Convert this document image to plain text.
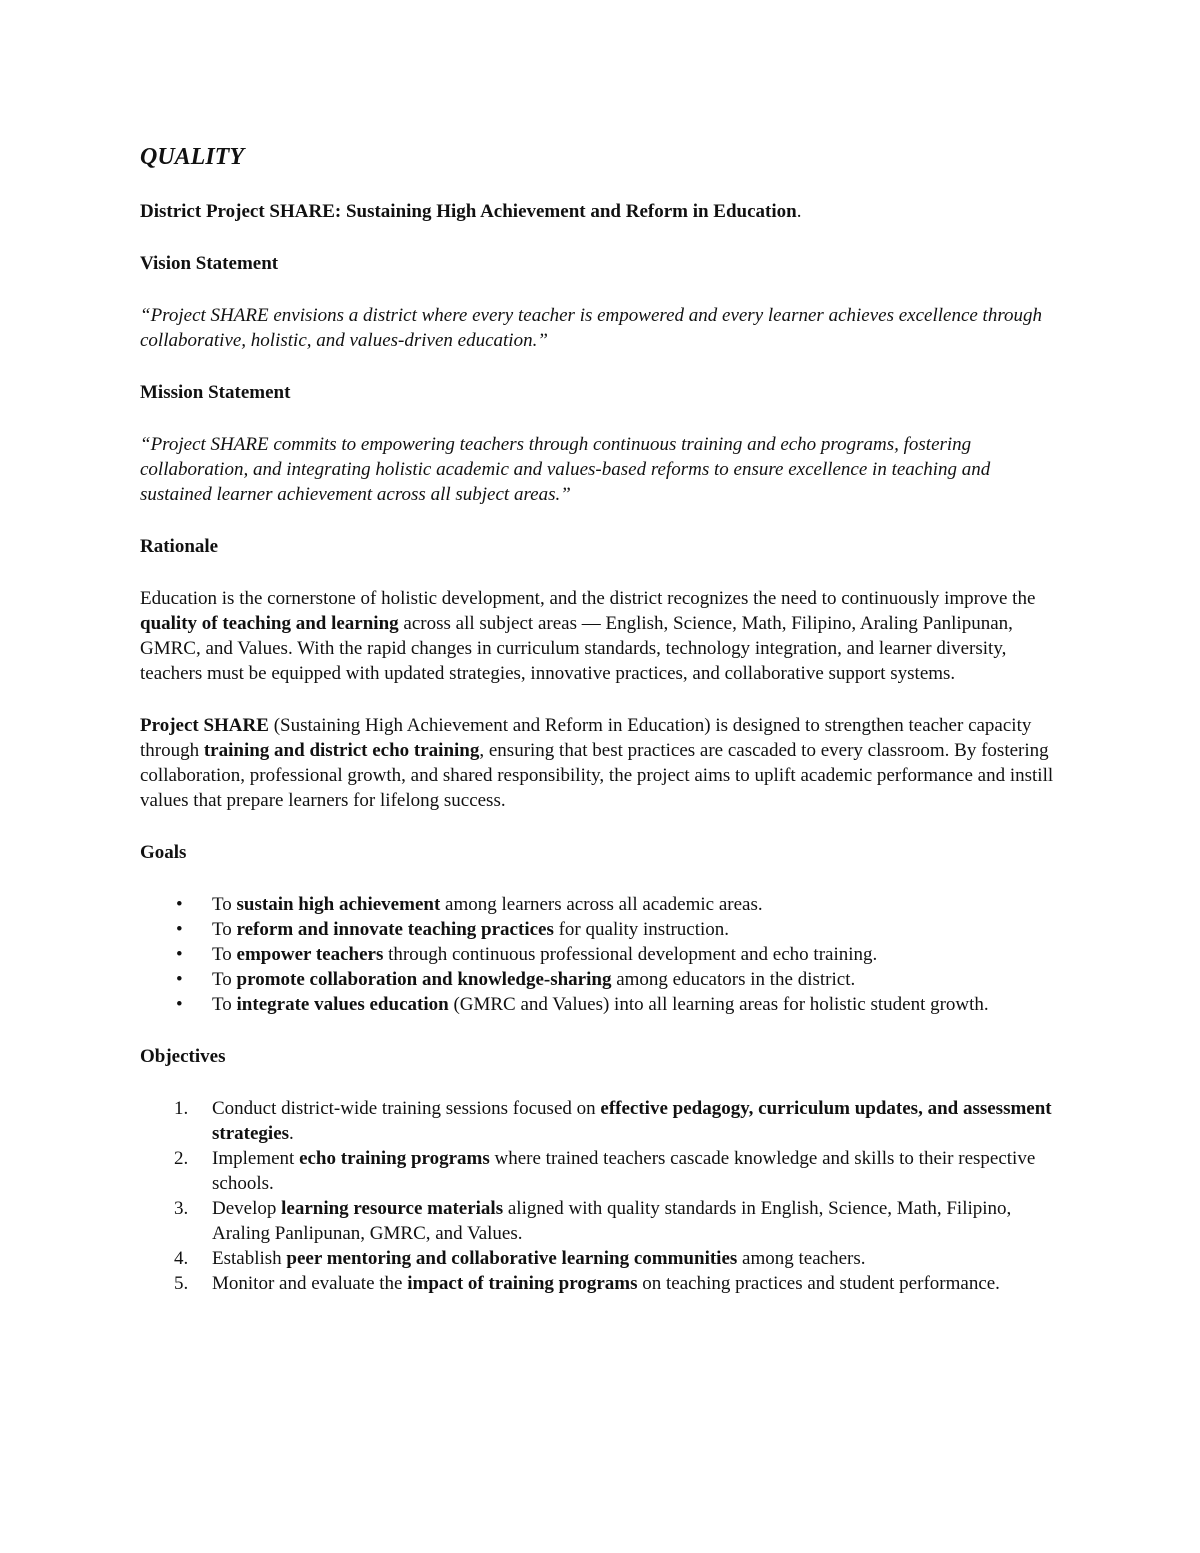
QUALITY

District Project SHARE: Sustaining High Achievement and Reform in Education.

Vision Statement
“Project SHARE envisions a district where every teacher is empowered and every learner achieves excellence through collaborative, holistic, and values-driven education.”
Mission Statement
“Project SHARE commits to empowering teachers through continuous training and echo programs, fostering collaboration, and integrating holistic academic and values-based reforms to ensure excellence in teaching and sustained learner achievement across all subject areas.”
Rationale

Education is the cornerstone of holistic development, and the district recognizes the need to continuously improve the quality of teaching and learning across all subject areas — English, Science, Math, Filipino, Araling Panlipunan, GMRC, and Values. With the rapid changes in curriculum standards, technology integration, and learner diversity, teachers must be equipped with updated strategies, innovative practices, and collaborative support systems.

Project SHARE (Sustaining High Achievement and Reform in Education) is designed to strengthen teacher capacity through training and district echo training, ensuring that best practices are cascaded to every classroom. By fostering collaboration, professional growth, and shared responsibility, the project aims to uplift academic performance and instill values that prepare learners for lifelong success.

Goals
• To sustain high achievement among learners across all academic areas.
• To reform and innovate teaching practices for quality instruction.
• To empower teachers through continuous professional development and echo training.
• To promote collaboration and knowledge-sharing among educators in the district.
• To integrate values education (GMRC and Values) into all learning areas for holistic student growth.
Objectives
1. Conduct district-wide training sessions focused on effective pedagogy, curriculum updates, and assessment strategies.
2. Implement echo training programs where trained teachers cascade knowledge and skills to their respective schools.
3. Develop learning resource materials aligned with quality standards in English, Science, Math, Filipino, Araling Panlipunan, GMRC, and Values.
4. Establish peer mentoring and collaborative learning communities among teachers.
5. Monitor and evaluate the impact of training programs on teaching practices and student performance.
